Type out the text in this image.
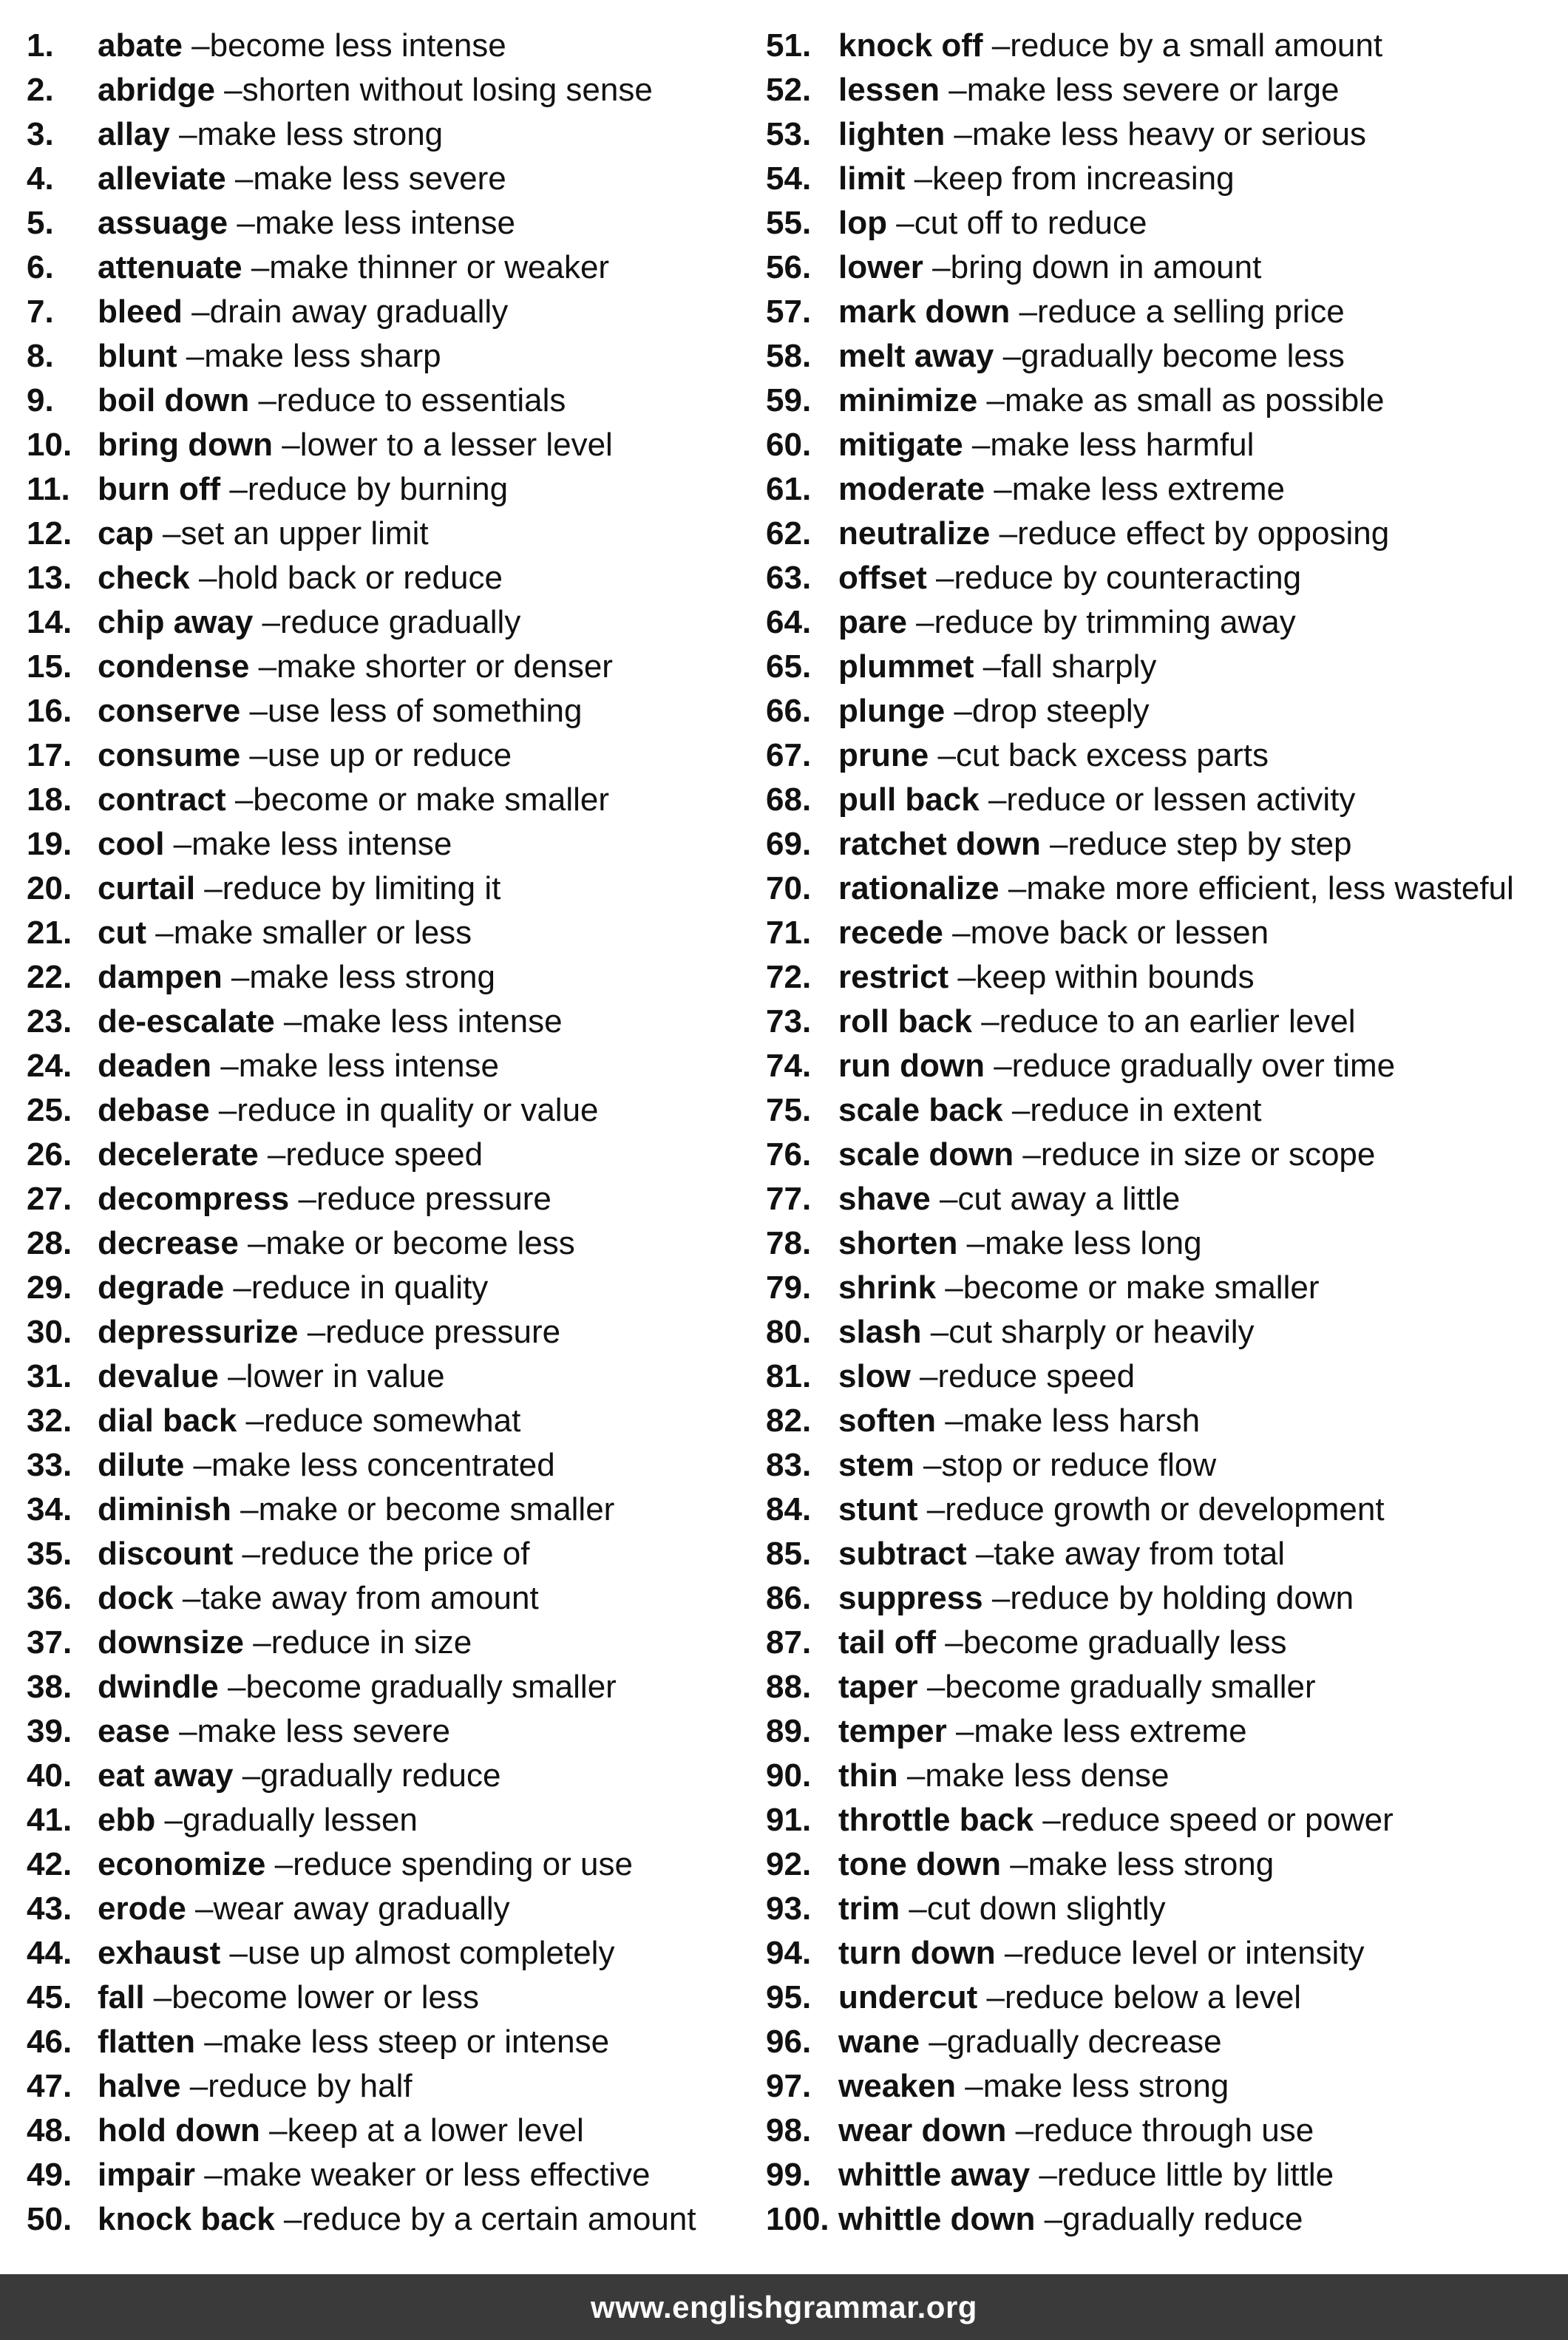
1.	abate – become less intense
2.	abridge – shorten without losing sense
3.	allay – make less strong
4.	alleviate – make less severe
5.	assuage – make less intense
6.	attenuate – make thinner or weaker
7.	bleed – drain away gradually
8.	blunt – make less sharp
9.	boil down – reduce to essentials
10. bring down – lower to a lesser level
11. burn off – reduce by burning
12. cap – set an upper limit
13. check – hold back or reduce
14. chip away – reduce gradually
15. condense – make shorter or denser
16. conserve – use less of something
17. consume – use up or reduce
18. contract – become or make smaller
19. cool – make less intense
20. curtail – reduce by limiting it
21. cut – make smaller or less
22. dampen – make less strong
23. de-escalate – make less intense
24. deaden – make less intense
25. debase – reduce in quality or value
26. decelerate – reduce speed
27. decompress – reduce pressure
28. decrease – make or become less
29. degrade – reduce in quality
30. depressurize – reduce pressure
31. devalue – lower in value
32. dial back – reduce somewhat
33. dilute – make less concentrated
34. diminish – make or become smaller
35. discount – reduce the price of
36. dock – take away from amount
37. downsize – reduce in size
38. dwindle – become gradually smaller
39. ease – make less severe
40. eat away – gradually reduce
41. ebb – gradually lessen
42. economize – reduce spending or use
43. erode – wear away gradually
44. exhaust – use up almost completely
45. fall – become lower or less
46. flatten – make less steep or intense
47. halve – reduce by half
48. hold down – keep at a lower level
49. impair – make weaker or less effective
50. knock back – reduce by a certain amount
51. knock off – reduce by a small amount
52. lessen – make less severe or large
53. lighten – make less heavy or serious
54. limit – keep from increasing
55. lop – cut off to reduce
56. lower – bring down in amount
57. mark down – reduce a selling price
58. melt away – gradually become less
59. minimize – make as small as possible
60. mitigate – make less harmful
61. moderate – make less extreme
62. neutralize – reduce effect by opposing
63. offset – reduce by counteracting
64. pare – reduce by trimming away
65. plummet – fall sharply
66. plunge – drop steeply
67. prune – cut back excess parts
68. pull back – reduce or lessen activity
69. ratchet down – reduce step by step
70. rationalize – make more efficient, less wasteful
71. recede – move back or lessen
72. restrict – keep within bounds
73. roll back – reduce to an earlier level
74. run down – reduce gradually over time
75. scale back – reduce in extent
76. scale down – reduce in size or scope
77. shave – cut away a little
78. shorten – make less long
79. shrink – become or make smaller
80. slash – cut sharply or heavily
81. slow – reduce speed
82. soften – make less harsh
83. stem – stop or reduce flow
84. stunt – reduce growth or development
85. subtract – take away from total
86. suppress – reduce by holding down
87. tail off – become gradually less
88. taper – become gradually smaller
89. temper – make less extreme
90. thin – make less dense
91. throttle back – reduce speed or power
92. tone down – make less strong
93. trim – cut down slightly
94. turn down – reduce level or intensity
95. undercut – reduce below a level
96. wane – gradually decrease
97. weaken – make less strong
98. wear down – reduce through use
99. whittle away – reduce little by little
100. whittle down – gradually reduce
www.englishgrammar.org
